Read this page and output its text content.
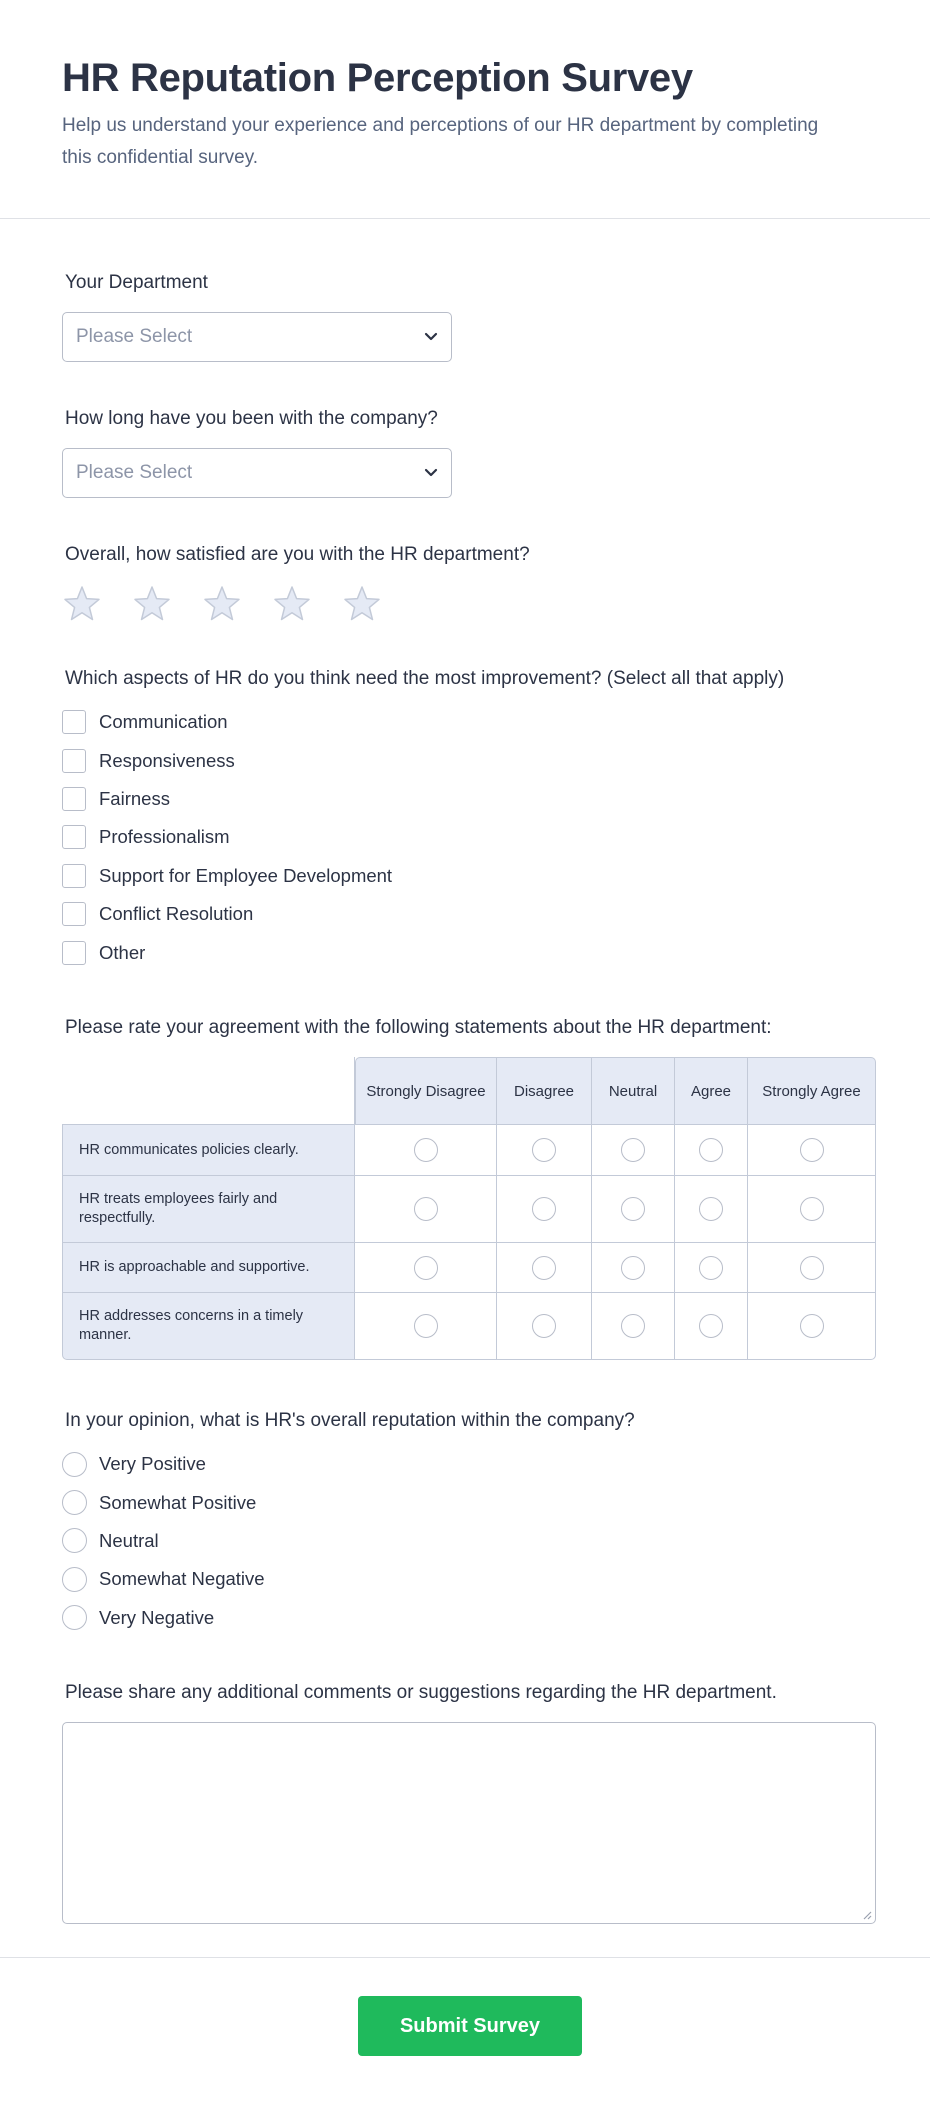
HR Reputation Perception Survey
Help us understand your experience and perceptions of our HR department by completing this confidential survey.
Your Department
Please Select
How long have you been with the company?
Please Select
Overall, how satisfied are you with the HR department?
Which aspects of HR do you think need the most improvement? (Select all that apply)
Communication
Responsiveness
Fairness
Professionalism
Support for Employee Development
Conflict Resolution
Other
Please rate your agreement with the following statements about the HR department:
	Strongly Disagree	Disagree	Neutral	Agree	Strongly Agree
HR communicates policies clearly.					
HR treats employees fairly and respectfully.					
HR is approachable and supportive.					
HR addresses concerns in a timely manner.					
In your opinion, what is HR's overall reputation within the company?
Very Positive
Somewhat Positive
Neutral
Somewhat Negative
Very Negative
Please share any additional comments or suggestions regarding the HR department.
Submit Survey
